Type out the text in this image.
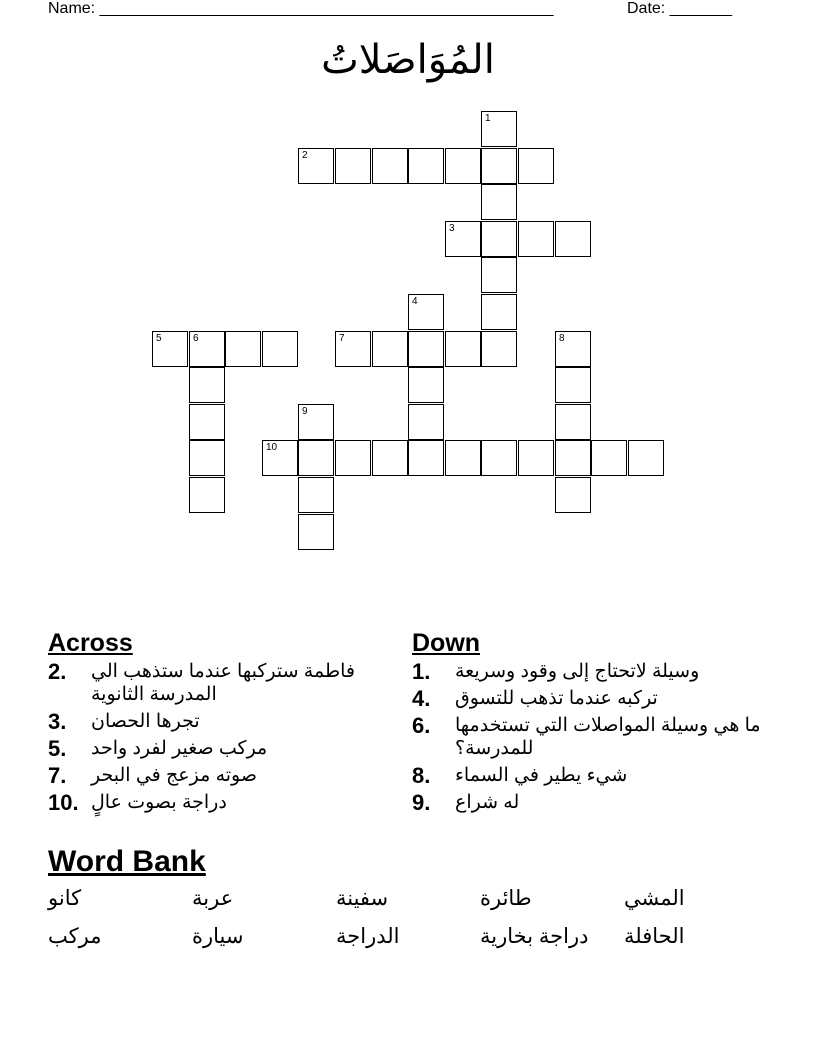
Name: ___________________________________________________	Date: _______
المُوَاصَلاتُ
1
2
3
4
5	6	7	8
9
10
Across
2.	فاطمة ستركبها عندما ستذهب الي المدرسة الثانوية
3.	تجرها الحصان
5.	مركب صغير لفرد واحد
7.	صوته مزعج في البحر
10. دراجة بصوت عالٍ
Down
1.	وسيلة لاتحتاج إلى وقود وسريعة
4.	تركبه عندما تذهب للتسوق
6.	ما هي وسيلة المواصلات التي تستخدمها للمدرسة؟
8.	شيء يطير في السماء
9.	له شراع
Word Bank
كانو	عربة	سفينة	طائرة	المشي
مركب	سيارة	الدراجة	دراجة بخارية	الحافلة
